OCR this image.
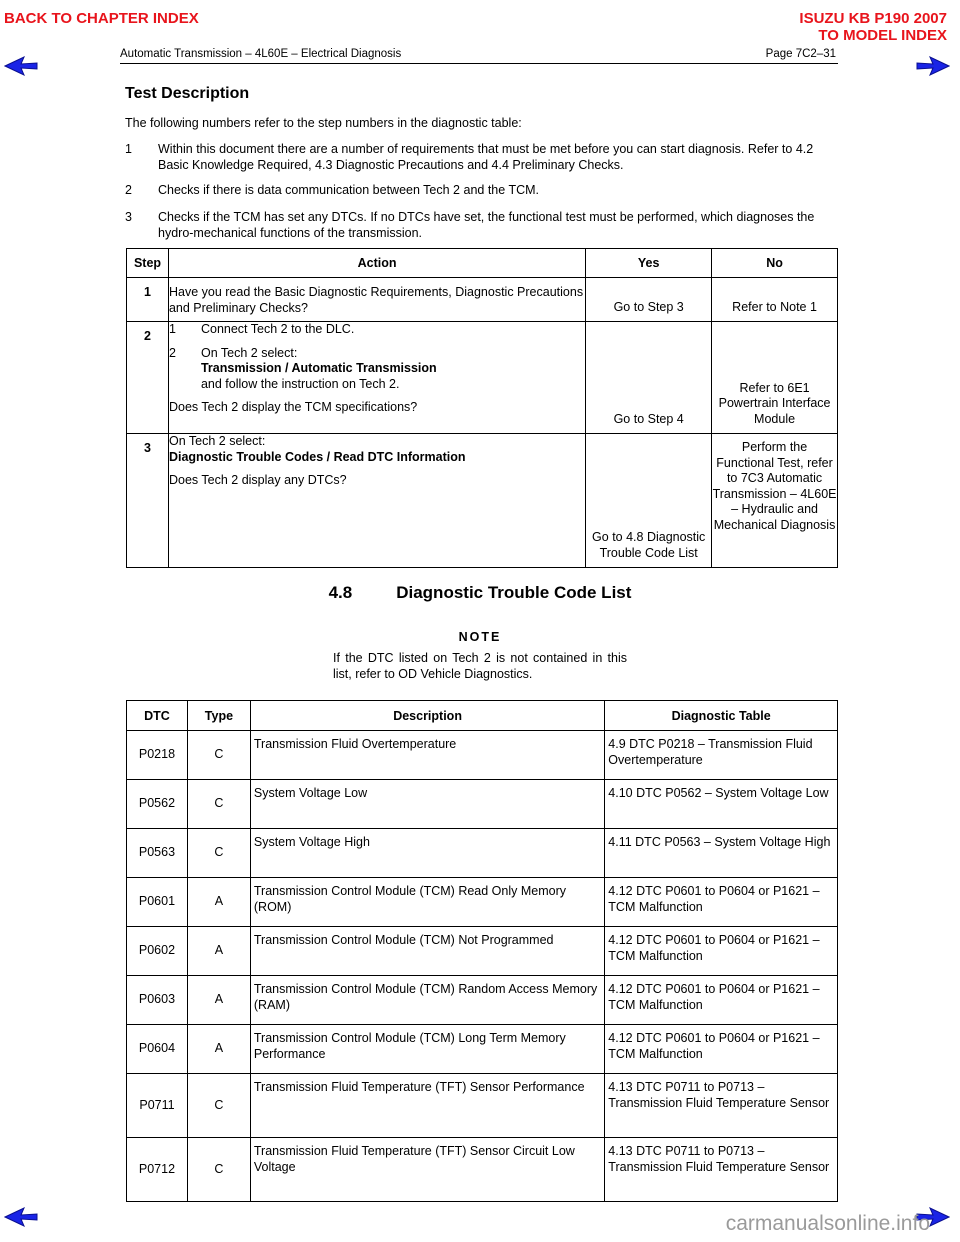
BACK TO CHAPTER INDEX	ISUZU KB P190 2007
TO MODEL INDEX
Automatic Transmission – 4L60E – Electrical Diagnosis	Page 7C2–31
Test Description

The following numbers refer to the step numbers in the diagnostic table:

1 Within this document there are a number of requirements that must be met before you can start diagnosis. Refer to 4.2 Basic Knowledge Required, 4.3 Diagnostic Precautions and 4.4 Preliminary Checks.
2 Checks if there is data communication between Tech 2 and the TCM.
3 Checks if the TCM has set any DTCs. If no DTCs have set, the functional test must be performed, which diagnoses the hydro-mechanical functions of the transmission.
Step	Action	Yes	No
1	Have you read the Basic Diagnostic Requirements, Diagnostic Precautions and Preliminary Checks?	Go to Step 3	Refer to Note 1
2	1 Connect Tech 2 to the DLC.
2 On Tech 2 select:
Transmission / Automatic Transmission
and follow the instruction on Tech 2.
Does Tech 2 display the TCM specifications?	Go to Step 4	Refer to 6E1 Powertrain Interface Module
3	On Tech 2 select:
Diagnostic Trouble Codes / Read DTC Information
Does Tech 2 display any DTCs?	Go to 4.8 Diagnostic Trouble Code List	Perform the Functional Test, refer to 7C3 Automatic Transmission – 4L60E – Hydraulic and Mechanical Diagnosis
4.8	Diagnostic Trouble Code List
NOTE
If the DTC listed on Tech 2 is not contained in this list, refer to OD Vehicle Diagnostics.
DTC	Type	Description	Diagnostic Table
P0218	C	Transmission Fluid Overtemperature	4.9 DTC P0218 – Transmission Fluid Overtemperature
P0562	C	System Voltage Low	4.10 DTC P0562 – System Voltage Low
P0563	C	System Voltage High	4.11 DTC P0563 – System Voltage High
P0601	A	Transmission Control Module (TCM) Read Only Memory (ROM)	4.12 DTC P0601 to P0604 or P1621 – TCM Malfunction
P0602	A	Transmission Control Module (TCM) Not Programmed	4.12 DTC P0601 to P0604 or P1621 – TCM Malfunction
P0603	A	Transmission Control Module (TCM) Random Access Memory (RAM)	4.12 DTC P0601 to P0604 or P1621 – TCM Malfunction
P0604	A	Transmission Control Module (TCM) Long Term Memory Performance	4.12 DTC P0601 to P0604 or P1621 – TCM Malfunction
P0711	C	Transmission Fluid Temperature (TFT) Sensor Performance	4.13 DTC P0711 to P0713 – Transmission Fluid Temperature Sensor
P0712	C	Transmission Fluid Temperature (TFT) Sensor Circuit Low Voltage	4.13 DTC P0711 to P0713 – Transmission Fluid Temperature Sensor
carmanualsonline.info
